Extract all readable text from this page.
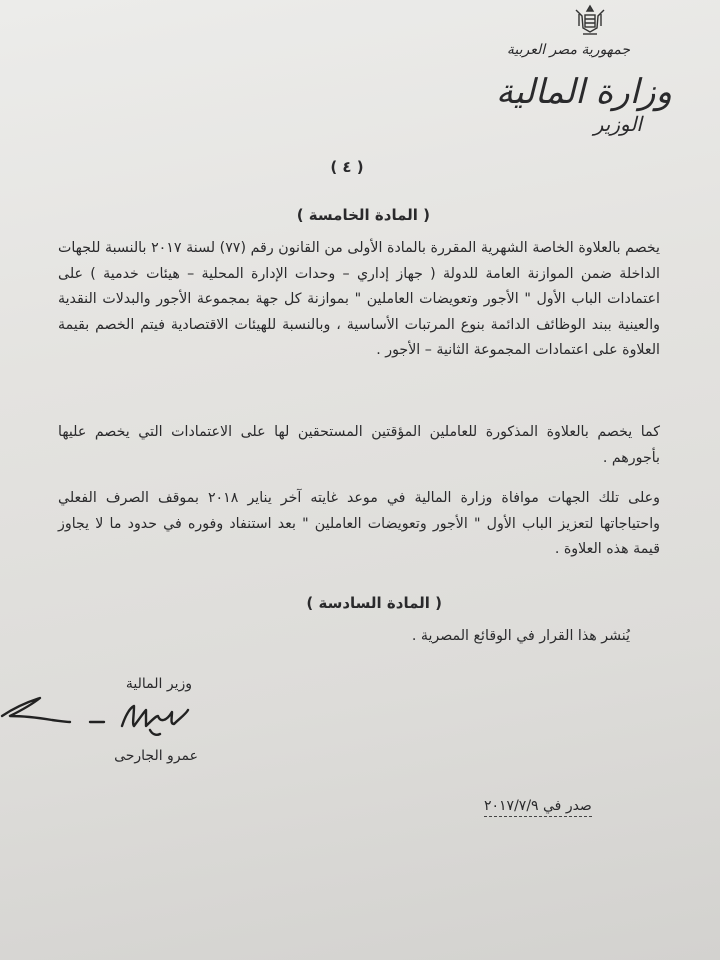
جمهورية مصر العربية
وزارة المالية
الوزير
( ٤ )
( المادة الخامسة )

يخصم بالعلاوة الخاصة الشهرية المقررة بالمادة الأولى من القانون رقم (٧٧) لسنة ٢٠١٧ بالنسبة للجهات الداخلة ضمن الموازنة العامة للدولة ( جهاز إداري – وحدات الإدارة المحلية – هيئات خدمية ) على اعتمادات الباب الأول " الأجور وتعويضات العاملين " بموازنة كل جهة بمجموعة الأجور والبدلات النقدية والعينية ببند الوظائف الدائمة بنوع المرتبات الأساسية ، وبالنسبة للهيئات الاقتصادية فيتم الخصم بقيمة العلاوة على اعتمادات المجموعة الثانية – الأجور .

كما يخصم بالعلاوة المذكورة للعاملين المؤقتين المستحقين لها على الاعتمادات التي يخصم عليها بأجورهم .

وعلى تلك الجهات موافاة وزارة المالية في موعد غايته آخر يناير ٢٠١٨ بموقف الصرف الفعلي واحتياجاتها لتعزيز الباب الأول " الأجور وتعويضات العاملين " بعد استنفاد وفوره في حدود ما لا يجاوز قيمة هذه العلاوة .

( المادة السادسة )

يُنشر هذا القرار في الوقائع المصرية .

وزير المالية
عمرو الجارحى
صدر في ٢٠١٧/٧/٩
